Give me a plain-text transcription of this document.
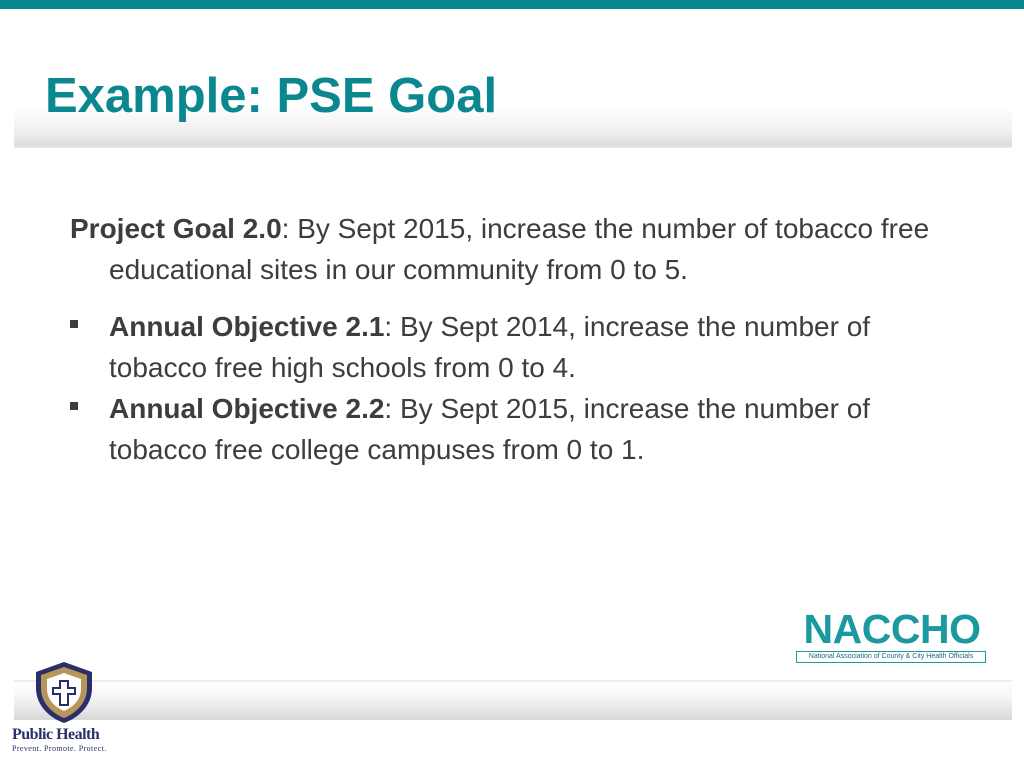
Example: PSE Goal

Project Goal 2.0: By Sept 2015, increase the number of tobacco free educational sites in our community from 0 to 5.

Annual Objective 2.1: By Sept 2014, increase the number of tobacco free high schools from 0 to 4.
Annual Objective 2.2: By Sept 2015, increase the number of tobacco free college campuses from 0 to 1.
NACCHO
National Association of County & City Health Officials
Public Health
Prevent. Promote. Protect.
